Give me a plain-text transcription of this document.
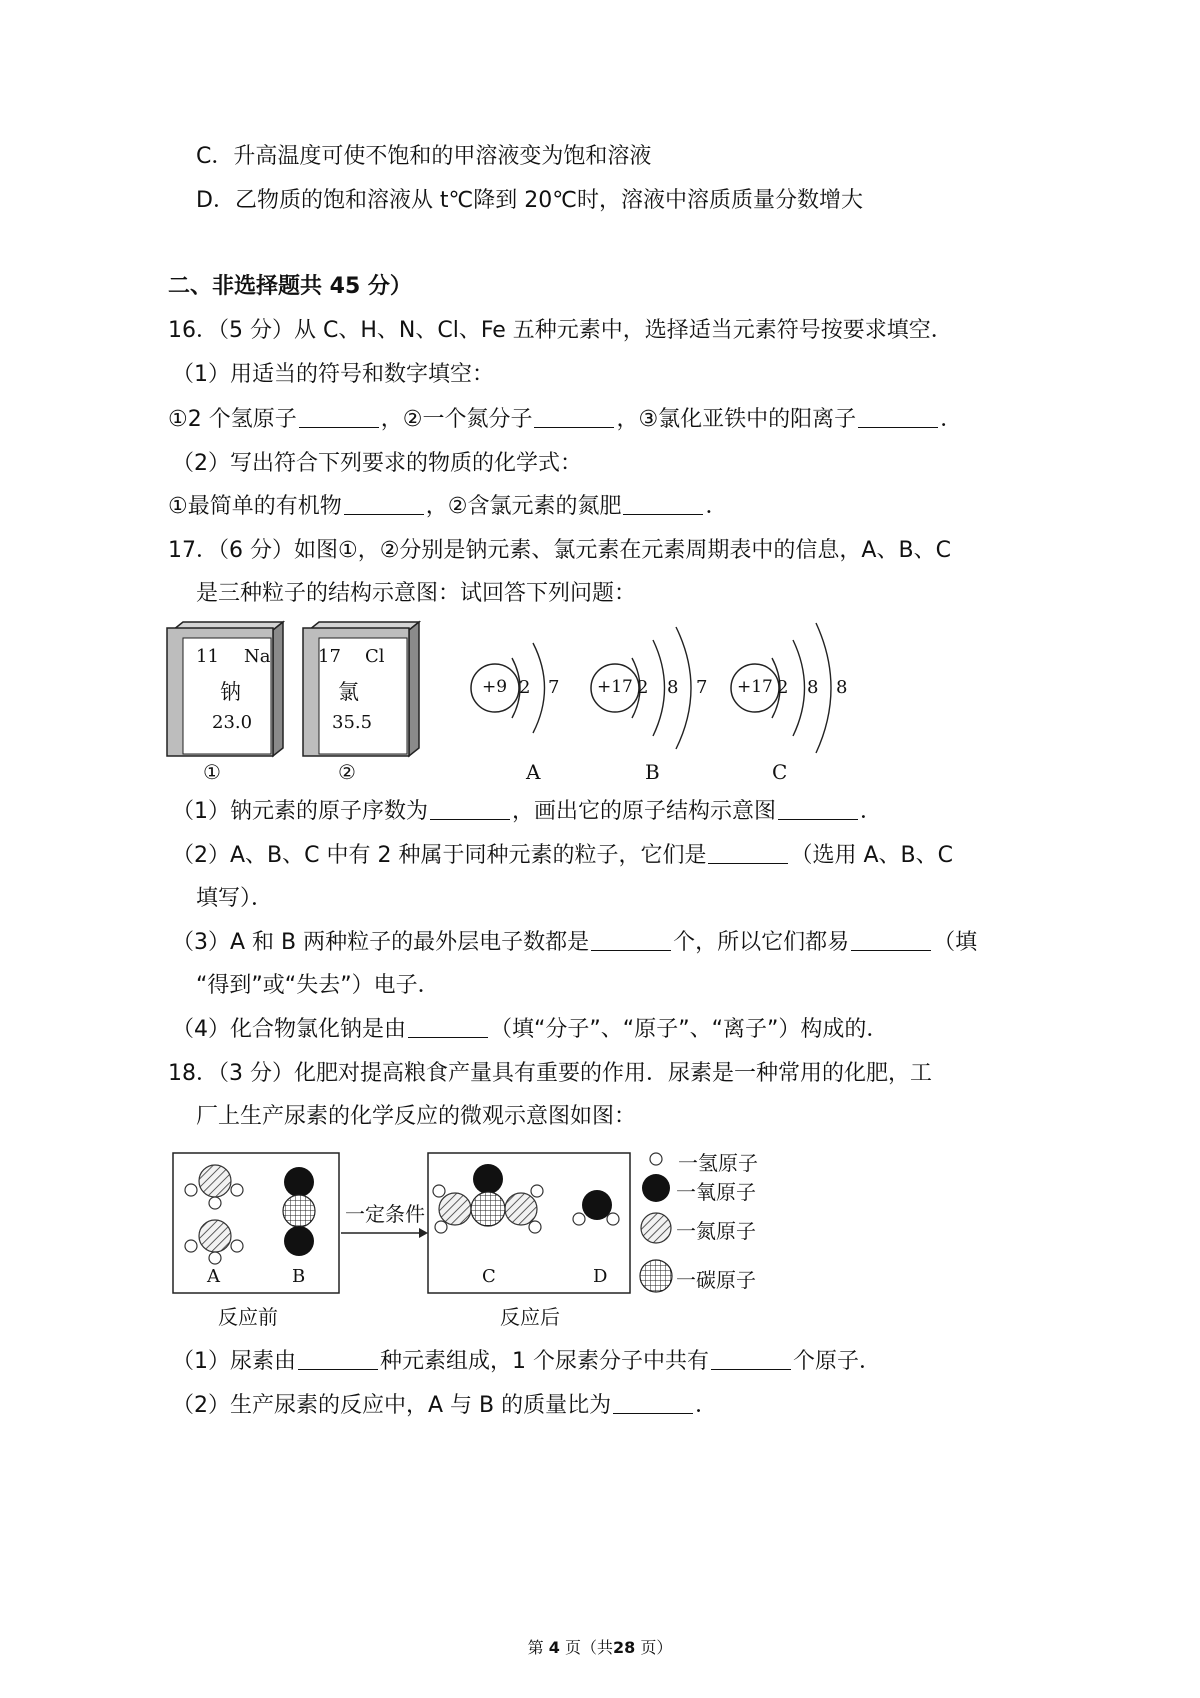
C．升高温度可使不饱和的甲溶液变为饱和溶液
D．乙物质的饱和溶液从 t℃降到 20℃时，溶液中溶质质量分数增大
二、非选择题共 45 分）
16．（5 分）从 C、H、N、Cl、Fe 五种元素中，选择适当元素符号按要求填空．
（1）用适当的符号和数字填空：
①2 个氢原子	，②一个氮分子	，③氯化亚铁中的阳离子	．
（2）写出符合下列要求的物质的化学式：
①最简单的有机物	，②含氯元素的氮肥	．
17．（6 分）如图①，②分别是钠元素、氯元素在元素周期表中的信息，A、B、C
是三种粒子的结构示意图：试回答下列问题：
11 Na
钠
23.0
①
17 Cl
氯
35.5
②
+9 2 7
A
+17 2 8 7
B
+17 2 8 8
C
（1）钠元素的原子序数为	，画出它的原子结构示意图	．
（2）A、B、C 中有 2 种属于同种元素的粒子，它们是	（选用 A、B、C
填写）．
（3）A 和 B 两种粒子的最外层电子数都是	个，所以它们都易	（填
“得到”或“失去”）电子．
（4）化合物氯化钠是由	（填“分子”、“原子”、“离子”）构成的．
18．（3 分）化肥对提高粮食产量具有重要的作用．尿素是一种常用的化肥，工
厂上生产尿素的化学反应的微观示意图如图：
一定条件
A	B	C	D
反应前	反应后
一氢原子
一氧原子
一氮原子
一碳原子
（1）尿素由	种元素组成，1 个尿素分子中共有	个原子．
（2）生产尿素的反应中，A 与 B 的质量比为	．
第 4 页（共28 页）
